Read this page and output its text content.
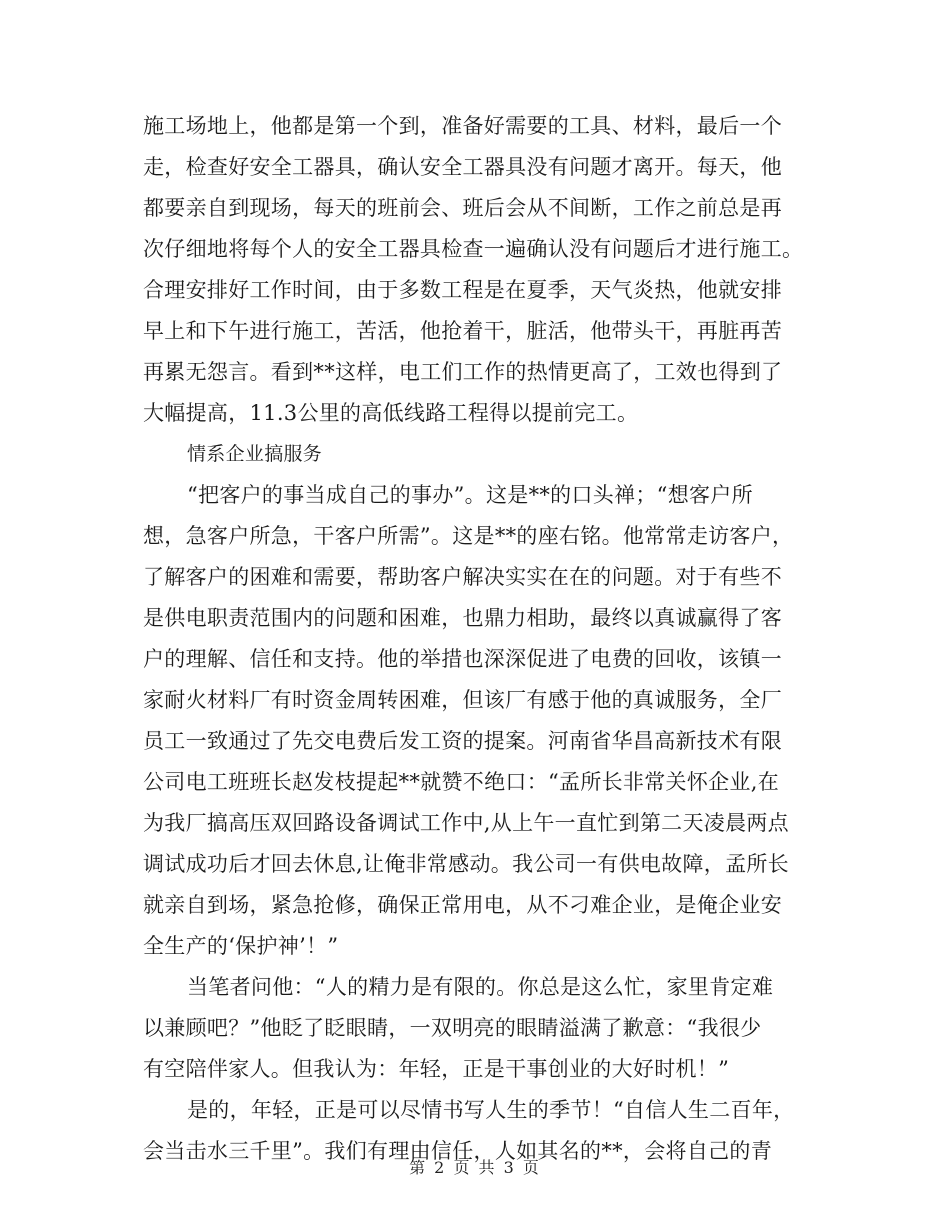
施工场地上，他都是第一个到，准备好需要的工具、材料，最后一个
走，检查好安全工器具，确认安全工器具没有问题才离开。每天，他
都要亲自到现场，每天的班前会、班后会从不间断，工作之前总是再
次仔细地将每个人的安全工器具检查一遍确认没有问题后才进行施工。
合理安排好工作时间，由于多数工程是在夏季，天气炎热，他就安排
早上和下午进行施工，苦活，他抢着干，脏活，他带头干，再脏再苦
再累无怨言。看到**这样，电工们工作的热情更高了，工效也得到了
大幅提高，11.3公里的高低线路工程得以提前完工。
情系企业搞服务
“把客户的事当成自己的事办”。这是**的口头禅；“想客户所
想，急客户所急，干客户所需”。这是**的座右铭。他常常走访客户，
了解客户的困难和需要，帮助客户解决实实在在的问题。对于有些不
是供电职责范围内的问题和困难，也鼎力相助，最终以真诚赢得了客
户的理解、信任和支持。他的举措也深深促进了电费的回收，该镇一
家耐火材料厂有时资金周转困难，但该厂有感于他的真诚服务，全厂
员工一致通过了先交电费后发工资的提案。河南省华昌高新技术有限
公司电工班班长赵发枝提起**就赞不绝口：“孟所长非常关怀企业,在
为我厂搞高压双回路设备调试工作中,从上午一直忙到第二天凌晨两点
调试成功后才回去休息,让俺非常感动。我公司一有供电故障，孟所长
就亲自到场，紧急抢修，确保正常用电，从不刁难企业，是俺企业安
全生产的‘保护神’！”
当笔者问他：“人的精力是有限的。你总是这么忙，家里肯定难
以兼顾吧？”他眨了眨眼睛，一双明亮的眼睛溢满了歉意：“我很少
有空陪伴家人。但我认为：年轻，正是干事创业的大好时机！”
是的，年轻，正是可以尽情书写人生的季节！“自信人生二百年，
会当击水三千里”。我们有理由信任，人如其名的**，会将自己的青
第 2 页 共 3 页
